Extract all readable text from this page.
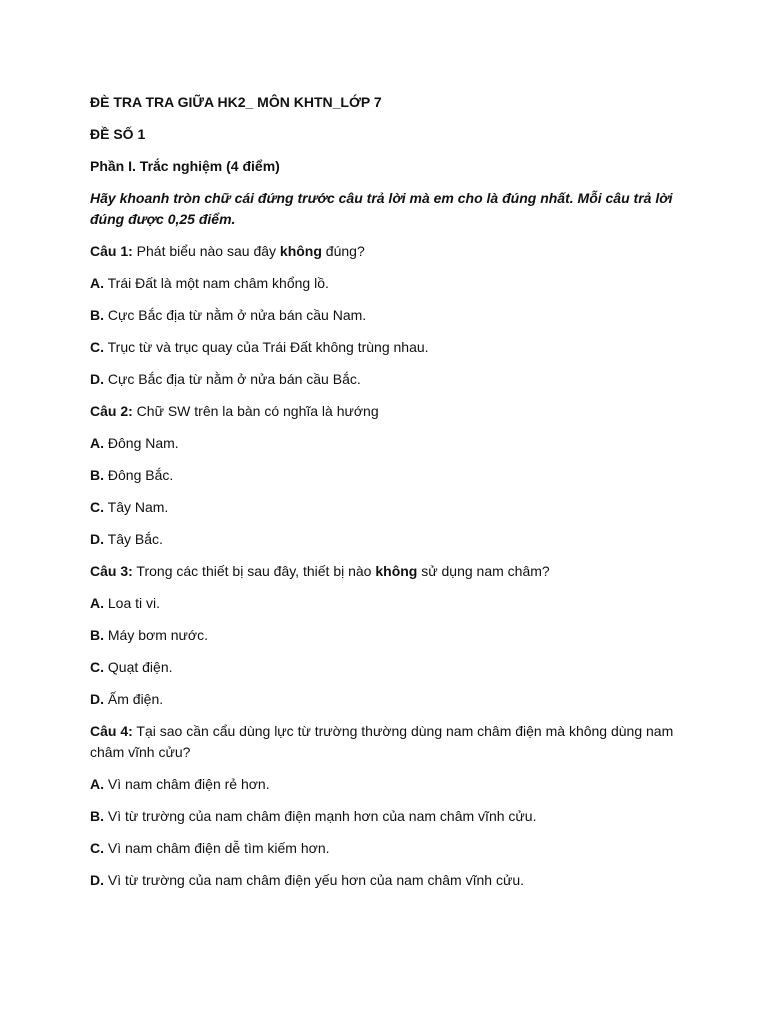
ĐÈ TRA TRA GIỮA HK2_ MÔN KHTN_LỚP 7
ĐỀ SỐ 1
Phần I. Trắc nghiệm (4 điểm)
Hãy khoanh tròn chữ cái đứng trước câu trả lời mà em cho là đúng nhất. Mỗi câu trả lời đúng được 0,25 điểm.
Câu 1: Phát biểu nào sau đây không đúng?
A. Trái Đất là một nam châm khổng lồ.
B. Cực Bắc địa từ nằm ở nửa bán cầu Nam.
C. Trục từ và trục quay của Trái Đất không trùng nhau.
D. Cực Bắc địa từ nằm ở nửa bán cầu Bắc.
Câu 2: Chữ SW trên la bàn có nghĩa là hướng
A. Đông Nam.
B. Đông Bắc.
C. Tây Nam.
D. Tây Bắc.
Câu 3: Trong các thiết bị sau đây, thiết bị nào không sử dụng nam châm?
A. Loa ti vi.
B. Máy bơm nước.
C. Quạt điện.
D. Ấm điện.
Câu 4: Tại sao cần cẩu dùng lực từ trường thường dùng nam châm điện mà không dùng nam châm vĩnh cửu?
A. Vì nam châm điện rẻ hơn.
B. Vì từ trường của nam châm điện mạnh hơn của nam châm vĩnh cửu.
C. Vì nam châm điện dễ tìm kiếm hơn.
D. Vì từ trường của nam châm điện yếu hơn của nam châm vĩnh cửu.
